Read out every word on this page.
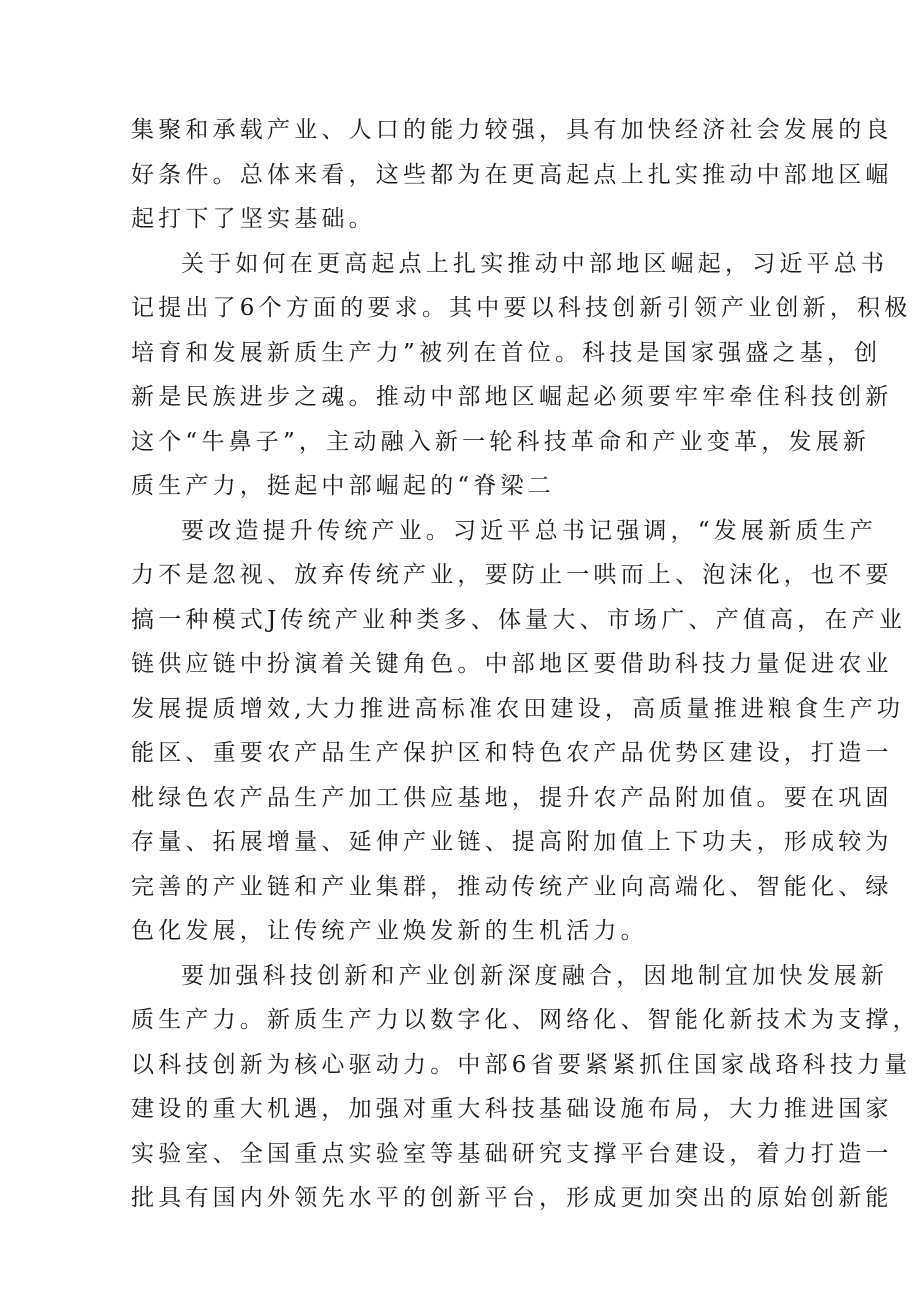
集聚和承载产业、人口的能力较强，具有加快经济社会发展的良
好条件。总体来看，这些都为在更高起点上扎实推动中部地区崛
起打下了坚实基础。
关于如何在更高起点上扎实推动中部地区崛起，习近平总书
记提出了6个方面的要求。其中要以科技创新引领产业创新，积极
培育和发展新质生产力”被列在首位。科技是国家强盛之基，创
新是民族进步之魂。推动中部地区崛起必须要牢牢牵住科技创新
这个“牛鼻子”，主动融入新一轮科技革命和产业变革，发展新
质生产力，挺起中部崛起的“脊梁二
要改造提升传统产业。习近平总书记强调，“发展新质生产
力不是忽视、放弃传统产业，要防止一哄而上、泡沫化，也不要
搞一种模式J传统产业种类多、体量大、市场广、产值高，在产业
链供应链中扮演着关键角色。中部地区要借助科技力量促进农业
发展提质增效,大力推进高标准农田建设，高质量推进粮食生产功
能区、重要农产品生产保护区和特色农产品优势区建设，打造一
枇绿色农产品生产加工供应基地，提升农产品附加值。要在巩固
存量、拓展增量、延伸产业链、提高附加值上下功夫，形成较为
完善的产业链和产业集群，推动传统产业向高端化、智能化、绿
色化发展，让传统产业焕发新的生机活力。
要加强科技创新和产业创新深度融合，因地制宜加快发展新
质生产力。新质生产力以数字化、网络化、智能化新技术为支撑，
以科技创新为核心驱动力。中部6省要紧紧抓住国家战珞科技力量
建设的重大机遇，加强对重大科技基础设施布局，大力推进国家
实验室、全国重点实验室等基础研究支撑平台建设，着力打造一
批具有国内外领先水平的创新平台，形成更加突出的原始创新能
